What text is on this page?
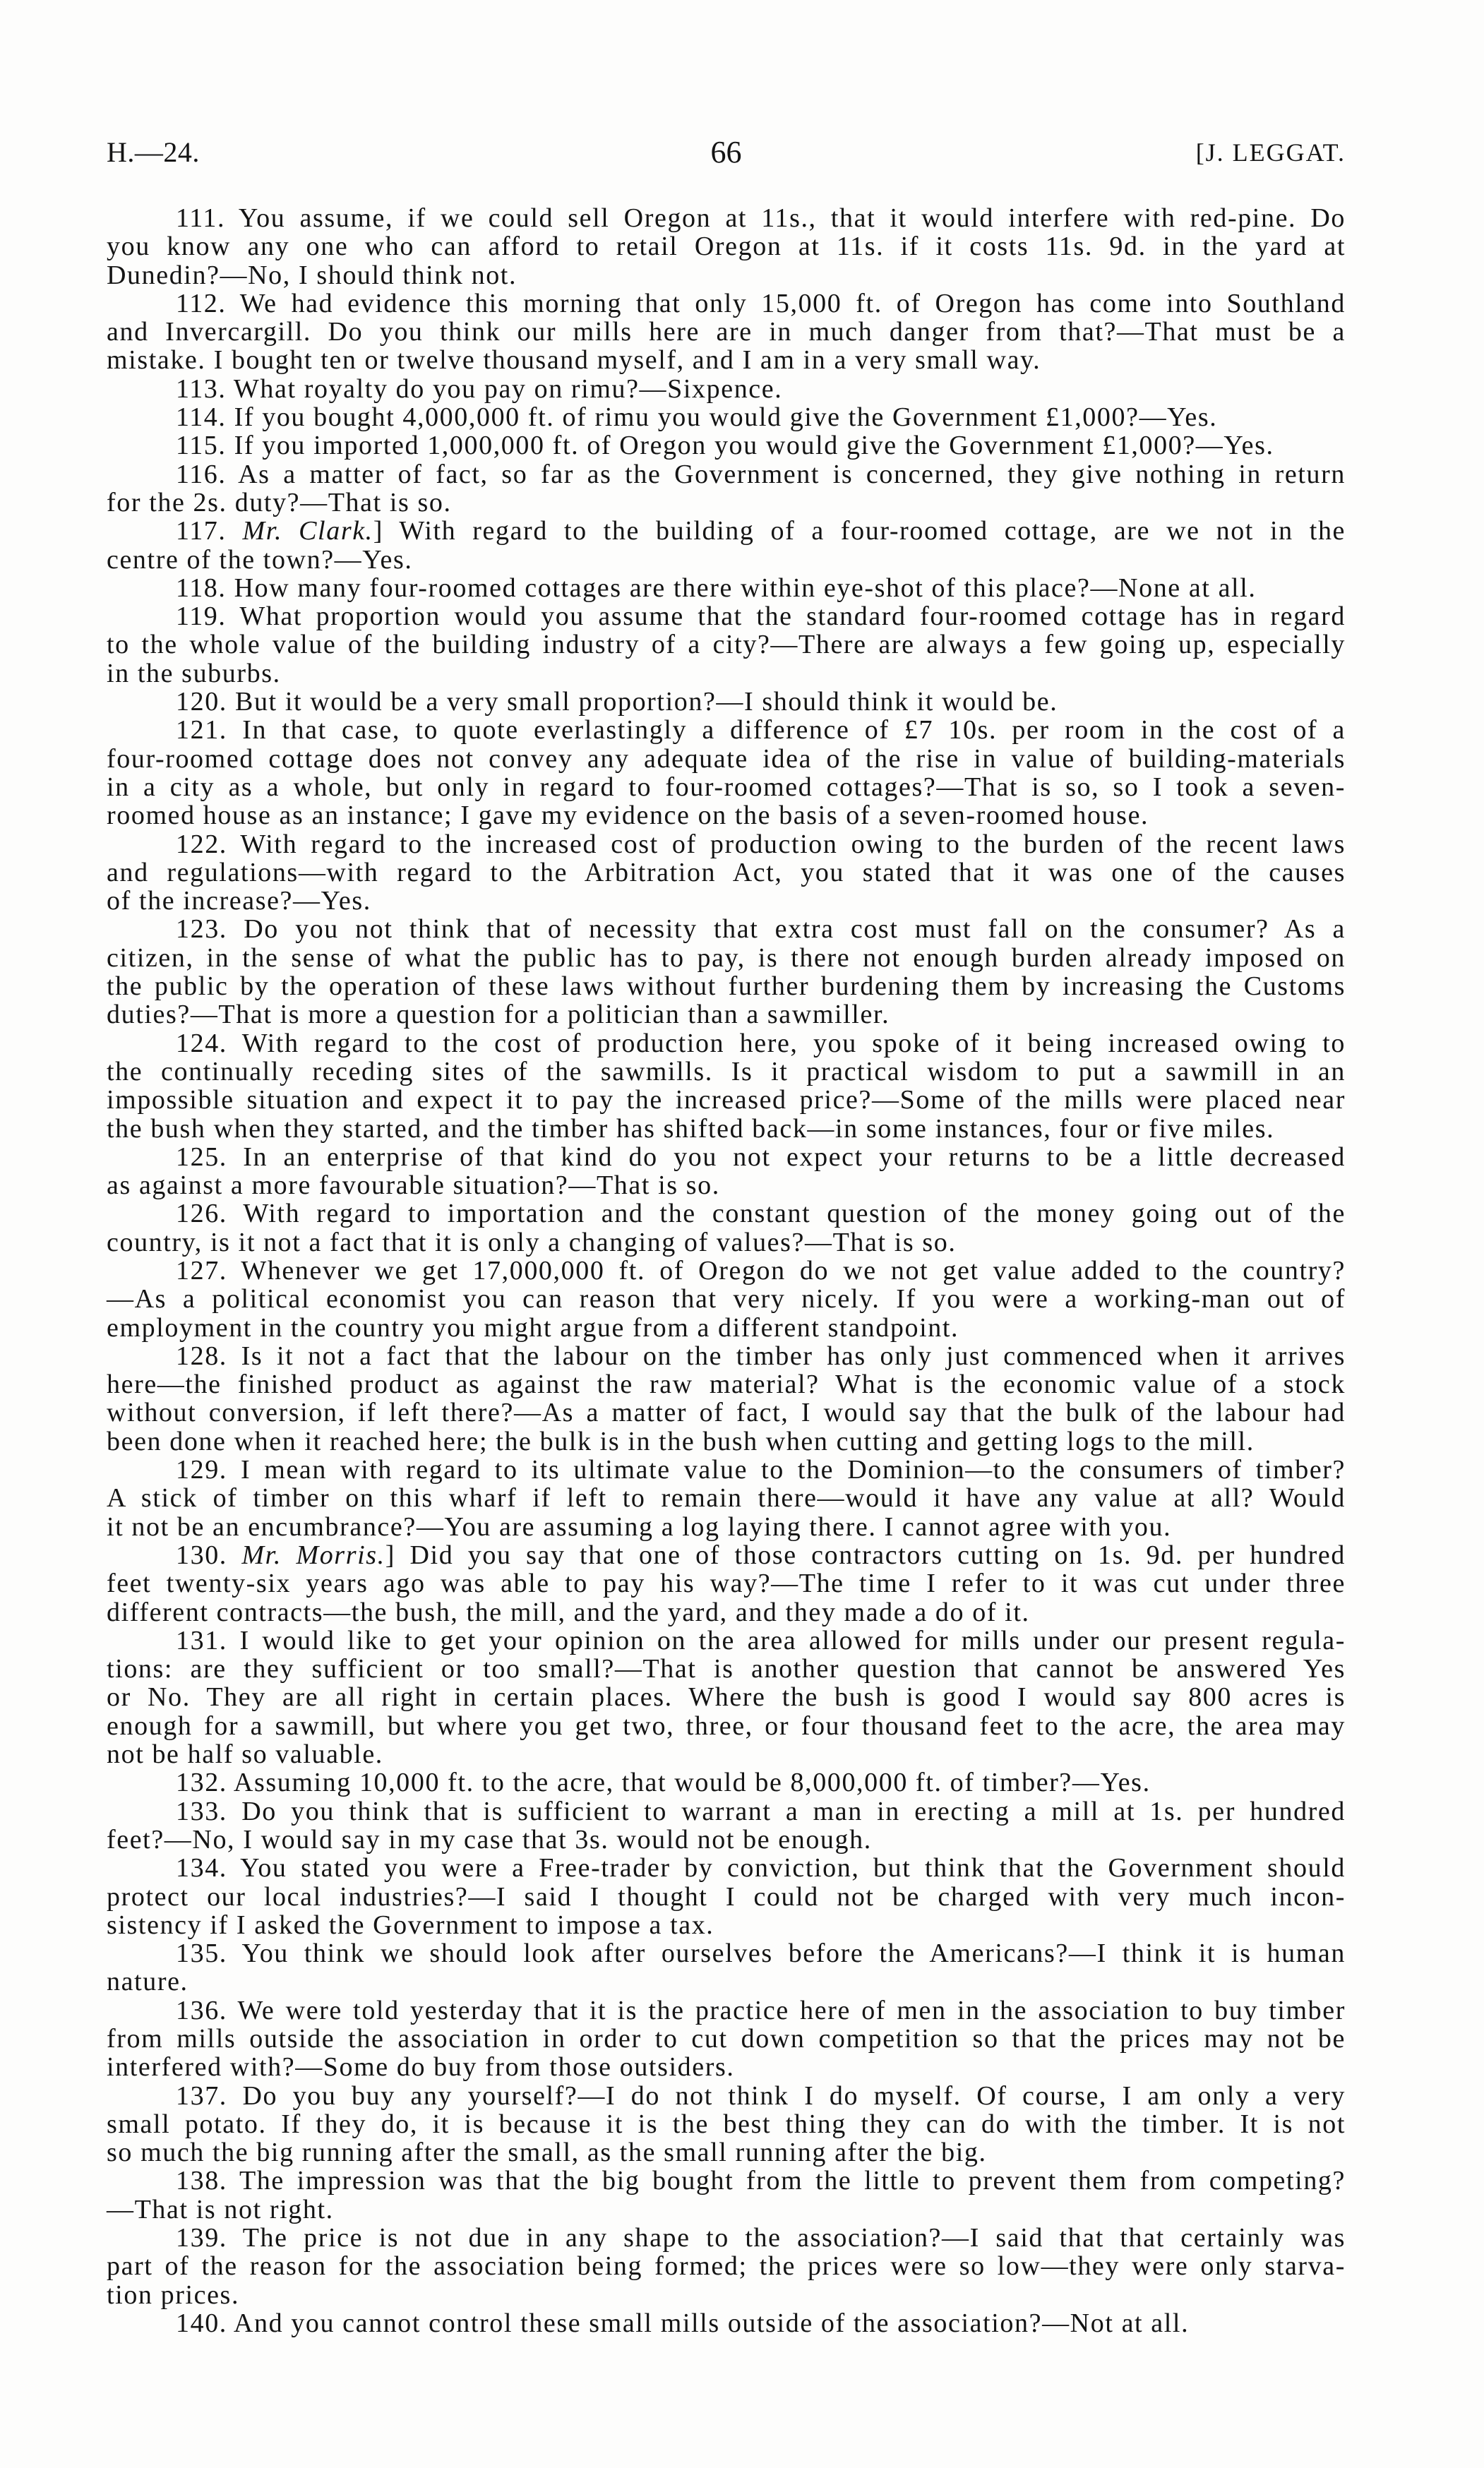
H.—24.	66	[J. LEGGAT.
111. You assume, if we could sell Oregon at 11s., that it would interfere with red-pine. Do
you know any one who can afford to retail Oregon at 11s. if it costs 11s. 9d. in the yard at
Dunedin?—No, I should think not.
112. We had evidence this morning that only 15,000 ft. of Oregon has come into Southland
and Invercargill. Do you think our mills here are in much danger from that?—That must be a
mistake. I bought ten or twelve thousand myself, and I am in a very small way.
113. What royalty do you pay on rimu?—Sixpence.
114. If you bought 4,000,000 ft. of rimu you would give the Government £1,000?—Yes.
115. If you imported 1,000,000 ft. of Oregon you would give the Government £1,000?—Yes.
116. As a matter of fact, so far as the Government is concerned, they give nothing in return
for the 2s. duty?—That is so.
117. Mr. Clark.] With regard to the building of a four-roomed cottage, are we not in the
centre of the town?—Yes.
118. How many four-roomed cottages are there within eye-shot of this place?—None at all.
119. What proportion would you assume that the standard four-roomed cottage has in regard
to the whole value of the building industry of a city?—There are always a few going up, especially
in the suburbs.
120. But it would be a very small proportion?—I should think it would be.
121. In that case, to quote everlastingly a difference of £7 10s. per room in the cost of a
four-roomed cottage does not convey any adequate idea of the rise in value of building-materials
in a city as a whole, but only in regard to four-roomed cottages?—That is so, so I took a seven-
roomed house as an instance; I gave my evidence on the basis of a seven-roomed house.
122. With regard to the increased cost of production owing to the burden of the recent laws
and regulations—with regard to the Arbitration Act, you stated that it was one of the causes
of the increase?—Yes.
123. Do you not think that of necessity that extra cost must fall on the consumer? As a
citizen, in the sense of what the public has to pay, is there not enough burden already imposed on
the public by the operation of these laws without further burdening them by increasing the Customs
duties?—That is more a question for a politician than a sawmiller.
124. With regard to the cost of production here, you spoke of it being increased owing to
the continually receding sites of the sawmills. Is it practical wisdom to put a sawmill in an
impossible situation and expect it to pay the increased price?—Some of the mills were placed near
the bush when they started, and the timber has shifted back—in some instances, four or five miles.
125. In an enterprise of that kind do you not expect your returns to be a little decreased
as against a more favourable situation?—That is so.
126. With regard to importation and the constant question of the money going out of the
country, is it not a fact that it is only a changing of values?—That is so.
127. Whenever we get 17,000,000 ft. of Oregon do we not get value added to the country?
—As a political economist you can reason that very nicely. If you were a working-man out of
employment in the country you might argue from a different standpoint.
128. Is it not a fact that the labour on the timber has only just commenced when it arrives
here—the finished product as against the raw material? What is the economic value of a stock
without conversion, if left there?—As a matter of fact, I would say that the bulk of the labour had
been done when it reached here; the bulk is in the bush when cutting and getting logs to the mill.
129. I mean with regard to its ultimate value to the Dominion—to the consumers of timber?
A stick of timber on this wharf if left to remain there—would it have any value at all? Would
it not be an encumbrance?—You are assuming a log laying there. I cannot agree with you.
130. Mr. Morris.] Did you say that one of those contractors cutting on 1s. 9d. per hundred
feet twenty-six years ago was able to pay his way?—The time I refer to it was cut under three
different contracts—the bush, the mill, and the yard, and they made a do of it.
131. I would like to get your opinion on the area allowed for mills under our present regula-
tions: are they sufficient or too small?—That is another question that cannot be answered Yes
or No. They are all right in certain places. Where the bush is good I would say 800 acres is
enough for a sawmill, but where you get two, three, or four thousand feet to the acre, the area may
not be half so valuable.
132. Assuming 10,000 ft. to the acre, that would be 8,000,000 ft. of timber?—Yes.
133. Do you think that is sufficient to warrant a man in erecting a mill at 1s. per hundred
feet?—No, I would say in my case that 3s. would not be enough.
134. You stated you were a Free-trader by conviction, but think that the Government should
protect our local industries?—I said I thought I could not be charged with very much incon-
sistency if I asked the Government to impose a tax.
135. You think we should look after ourselves before the Americans?—I think it is human
nature.
136. We were told yesterday that it is the practice here of men in the association to buy timber
from mills outside the association in order to cut down competition so that the prices may not be
interfered with?—Some do buy from those outsiders.
137. Do you buy any yourself?—I do not think I do myself. Of course, I am only a very
small potato. If they do, it is because it is the best thing they can do with the timber. It is not
so much the big running after the small, as the small running after the big.
138. The impression was that the big bought from the little to prevent them from competing?
—That is not right.
139. The price is not due in any shape to the association?—I said that that certainly was
part of the reason for the association being formed; the prices were so low—they were only starva-
tion prices.
140. And you cannot control these small mills outside of the association?—Not at all.
